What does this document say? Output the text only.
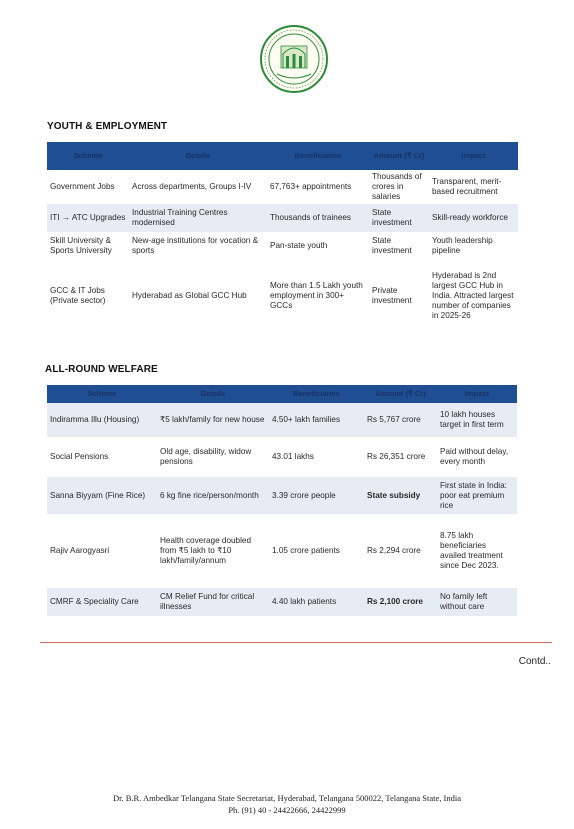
YOUTH & EMPLOYMENT
Scheme	Details	Beneficiaries	Amount (₹ Cr)	Impact
Government Jobs	Across departments, Groups I-IV	67,763+ appointments	Thousands of crores in salaries	Transparent, merit-based recruitment
ITI → ATC Upgrades	Industrial Training Centres modernised	Thousands of trainees	State investment	Skill-ready workforce
Skill University & Sports University	New-age institutions for vocation & sports	Pan-state youth	State investment	Youth leadership pipeline
GCC & IT Jobs (Private sector)	Hyderabad as Global GCC Hub	More than 1.5 Lakh youth employment in 300+ GCCs	Private investment	Hyderabad is 2nd largest GCC Hub in India. Attracted largest number of companies in 2025-26
ALL-ROUND WELFARE
Scheme	Details	Beneficiaries	Amount (₹ Cr)	Impact
Indiramma Illu (Housing)	₹5 lakh/family for new house	4.50+ lakh families	Rs 5,767 crore	10 lakh houses target in first term
Social Pensions	Old age, disability, widow pensions	43.01 lakhs	Rs 26,351 crore	Paid without delay, every month
Sanna Biyyam (Fine Rice)	6 kg fine rice/person/month	3.39 crore people	State subsidy	First state in India: poor eat premium rice
Rajiv Aarogyasri	Health coverage doubled from ₹5 lakh to ₹10 lakh/family/annum	1.05 crore patients	Rs 2,294 crore	8.75 lakh beneficiaries availed treatment since Dec 2023.
CMRF & Speciality Care	CM Relief Fund for critical illnesses	4.40 lakh patients	Rs 2,100 crore	No family left without care
Contd..
Dr. B.R. Ambedkar Telangana State Secretariat, Hyderabad, Telangana 500022, Telangana State, India
Ph. (91) 40 - 24422666, 24422999
